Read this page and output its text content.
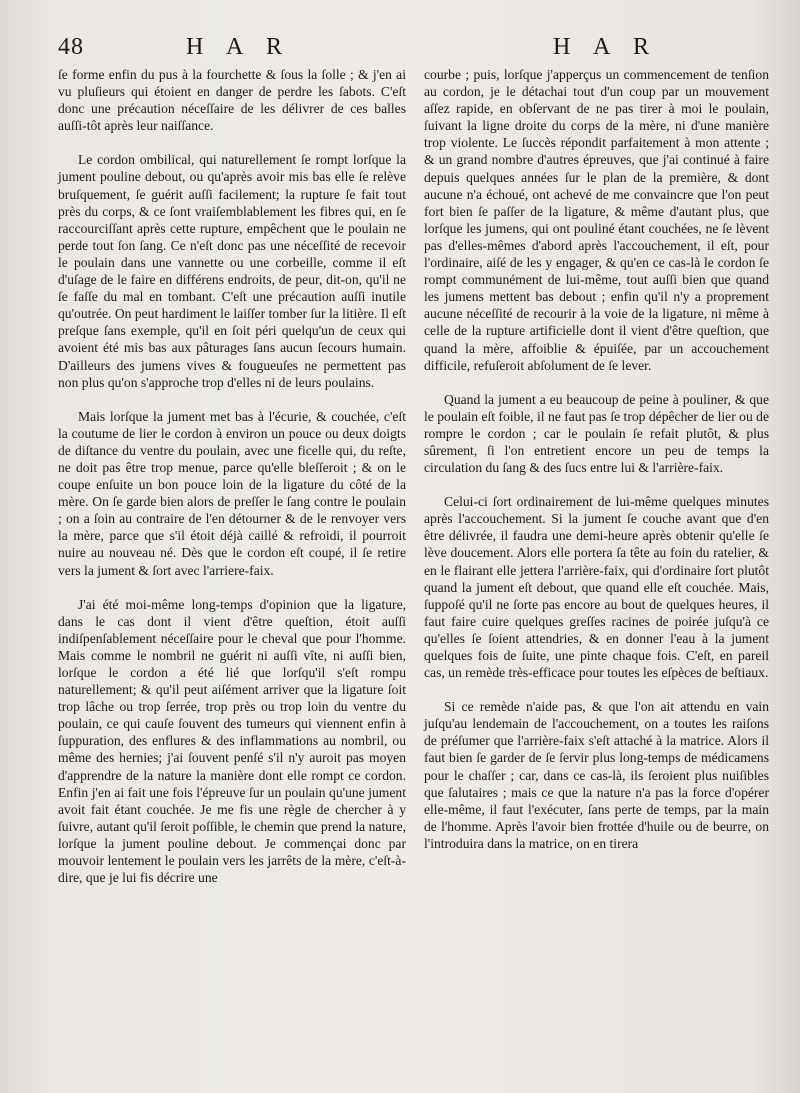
48	H A R	H A R

ſe forme enfin du pus à la fourchette & ſous la ſolle ; & j'en ai vu pluſieurs qui étoient en danger de perdre les ſabots. C'eſt donc une précaution néceſſaire de les délivrer de ces balles auſſi-tôt après leur naiſſance.

Le cordon ombilical, qui naturellement ſe rompt lorſque la jument pouline debout, ou qu'après avoir mis bas elle ſe relève bruſquement, ſe guérit auſſi facilement; la rupture ſe fait tout près du corps, & ce ſont vraiſemblablement les fibres qui, en ſe raccourciſſant après cette rupture, empêchent que le poulain ne perde tout ſon ſang. Ce n'eſt donc pas une néceſſité de recevoir le poulain dans une vannette ou une corbeille, comme il eſt d'uſage de le faire en différens endroits, de peur, dit-on, qu'il ne ſe faſſe du mal en tombant. C'eſt une précaution auſſi inutile qu'outrée. On peut hardiment le laiſſer tomber ſur la litière. Il eſt preſque ſans exemple, qu'il en ſoit péri quelqu'un de ceux qui avoient été mis bas aux pâturages ſans aucun ſecours humain. D'ailleurs des jumens vives & fougueuſes ne permettent pas non plus qu'on s'approche trop d'elles ni de leurs poulains.

Mais lorſque la jument met bas à l'écurie, & couchée, c'eſt la coutume de lier le cordon à environ un pouce ou deux doigts de diſtance du ventre du poulain, avec une ficelle qui, du reſte, ne doit pas être trop menue, parce qu'elle bleſſeroit ; & on le coupe enſuite un bon pouce loin de la ligature du côté de la mère. On ſe garde bien alors de preſſer le ſang contre le poulain ; on a ſoin au contraire de l'en détourner & de le renvoyer vers la mère, parce que s'il étoit déjà caillé & refroidi, il pourroit nuire au nouveau né. Dès que le cordon eſt coupé, il ſe retire vers la jument & ſort avec l'arriere-faix.

J'ai été moi-même long-temps d'opinion que la ligature, dans le cas dont il vient d'être queſtion, étoit auſſi indiſpenſablement néceſſaire pour le cheval que pour l'homme. Mais comme le nombril ne guérit ni auſſi vîte, ni auſſi bien, lorſque le cordon a été lié que lorſqu'il s'eſt rompu naturellement; & qu'il peut aiſément arriver que la ligature ſoit trop lâche ou trop ſerrée, trop près ou trop loin du ventre du poulain, ce qui cauſe ſouvent des tumeurs qui viennent enfin à ſuppuration, des enflures & des inflammations au nombril, ou même des hernies; j'ai ſouvent penſé s'il n'y auroit pas moyen d'apprendre de la nature la manière dont elle rompt ce cordon. Enfin j'en ai fait une fois l'épreuve ſur un poulain qu'une jument avoit fait étant couchée. Je me fis une règle de chercher à y ſuivre, autant qu'il ſeroit poſſible, le chemin que prend la nature, lorſque la jument pouline debout. Je commençai donc par mouvoir lentement le poulain vers les jarrêts de la mère, c'eſt-à-dire, que je lui fis décrire une

courbe ; puis, lorſque j'apperçus un commencement de tenſion au cordon, je le détachai tout d'un coup par un mouvement aſſez rapide, en obſervant de ne pas tirer à moi le poulain, ſuivant la ligne droite du corps de la mère, ni d'une manière trop violente. Le ſuccès répondit parfaitement à mon attente ; & un grand nombre d'autres épreuves, que j'ai continué à faire depuis quelques années ſur le plan de la première, & dont aucune n'a échoué, ont achevé de me convaincre que l'on peut fort bien ſe paſſer de la ligature, & même d'autant plus, que lorſque les jumens, qui ont pouliné étant couchées, ne ſe lèvent pas d'elles-mêmes d'abord après l'accouchement, il eſt, pour l'ordinaire, aiſé de les y engager, & qu'en ce cas-là le cordon ſe rompt communément de lui-même, tout auſſi bien que quand les jumens mettent bas debout ; enfin qu'il n'y a proprement aucune néceſſité de recourir à la voie de la ligature, ni même à celle de la rupture artificielle dont il vient d'être queſtion, que quand la mère, affoiblie & épuiſée, par un accouchement difficile, refuſeroit abſolument de ſe lever.

Quand la jument a eu beaucoup de peine à pouliner, & que le poulain eſt foible, il ne faut pas ſe trop dépêcher de lier ou de rompre le cordon ; car le poulain ſe refait plutôt, & plus sûrement, ſi l'on entretient encore un peu de temps la circulation du ſang & des ſucs entre lui & l'arrière-faix.

Celui-ci ſort ordinairement de lui-même quelques minutes après l'accouchement. Si la jument ſe couche avant que d'en être délivrée, il faudra une demi-heure après obtenir qu'elle ſe lève doucement. Alors elle portera ſa tête au foin du ratelier, & en le flairant elle jettera l'arrière-faix, qui d'ordinaire ſort plutôt quand la jument eſt debout, que quand elle eſt couchée. Mais, ſuppoſé qu'il ne ſorte pas encore au bout de quelques heures, il faut faire cuire quelques greſſes racines de poirée juſqu'à ce qu'elles ſe ſoient attendries, & en donner l'eau à la jument quelques fois de ſuite, une pinte chaque fois. C'eſt, en pareil cas, un remède très-efficace pour toutes les eſpèces de beſtiaux.

Si ce remède n'aide pas, & que l'on ait attendu en vain juſqu'au lendemain de l'accouchement, on a toutes les raiſons de préſumer que l'arrière-faix s'eſt attaché à la matrice. Alors il faut bien ſe garder de ſe ſervir plus long-temps de médicamens pour le chaſſer ; car, dans ce cas-là, ils ſeroient plus nuiſibles que ſalutaires ; mais ce que la nature n'a pas la force d'opérer elle-même, il faut l'exécuter, ſans perte de temps, par la main de l'homme. Après l'avoir bien frottée d'huile ou de beurre, on l'introduira dans la matrice, on en tirera
